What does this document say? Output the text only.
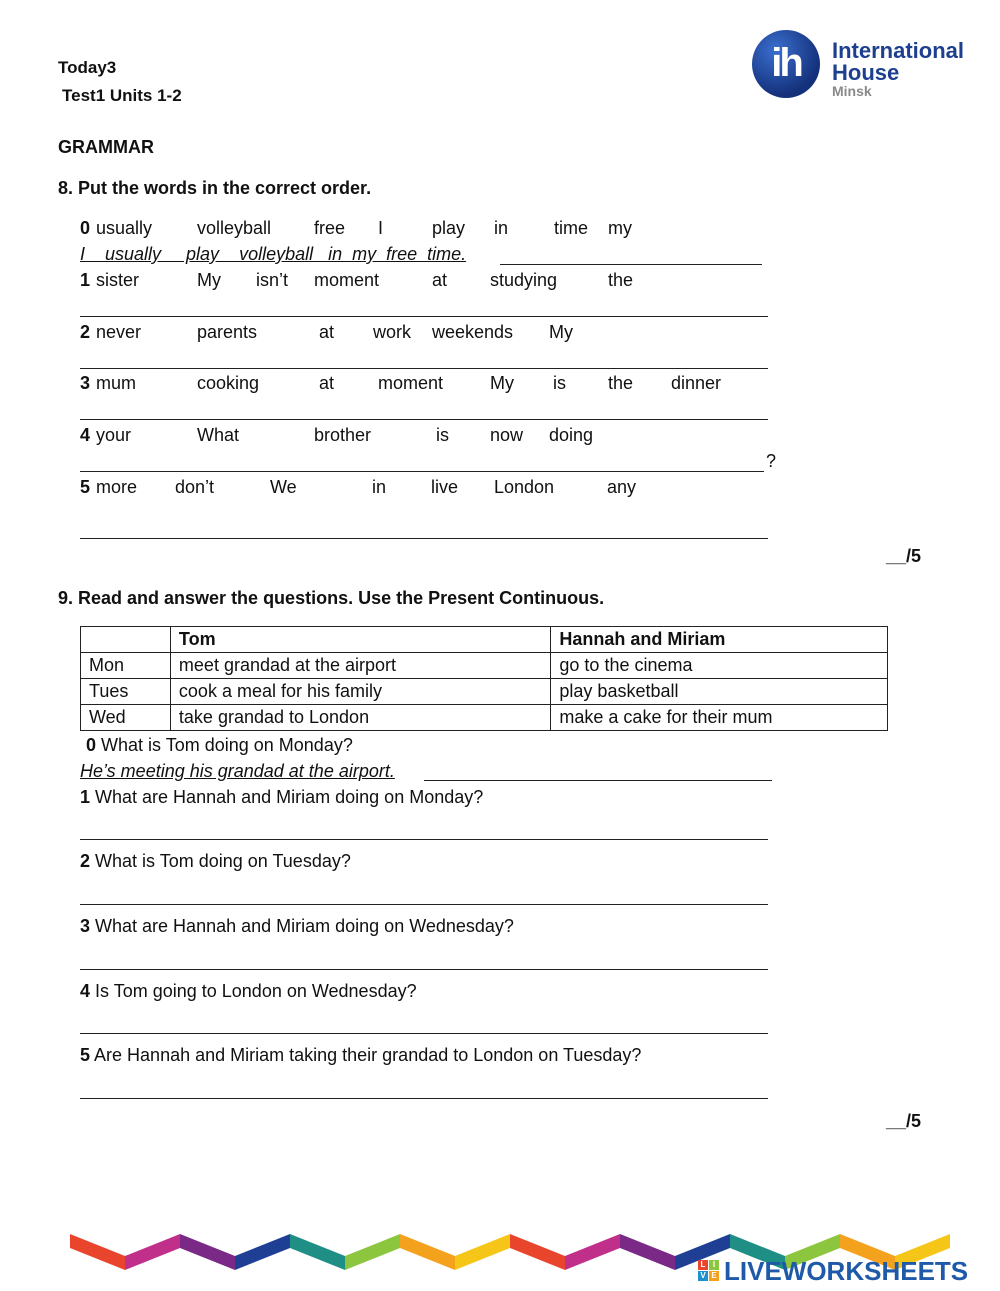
Today3
Test1 Units 1-2
GRAMMAR
ih	International
House
Minsk
8. Put the words in the correct order.
0 usually volleyball free I	play in	time my
I    usually     play    volleyball   in  my  free  time.
1 sister	My isn’t moment	at studying	the
2 never	parents	at work weekends My
3 mum	cooking	at moment	My is the dinner
4 your	What	brother	is now doing
?
5 more don’t	We	in live London	any
__/5
9. Read and answer the questions. Use the Present Continuous.
	Tom	Hannah and Miriam
Mon	meet grandad at the airport	go to the cinema
Tues	cook a meal for his family	play basketball
Wed	take grandad to London	make a cake for their mum
0 What is Tom doing on Monday?
He’s meeting his grandad at the airport.
1 What are Hannah and Miriam doing on Monday?
2 What is Tom doing on Tuesday?
3 What are Hannah and Miriam doing on Wednesday?
4 Is Tom going to London on Wednesday?
5 Are Hannah and Miriam taking their grandad to London on Tuesday?
__/5
L I
V E LIVEWORKSHEETS
